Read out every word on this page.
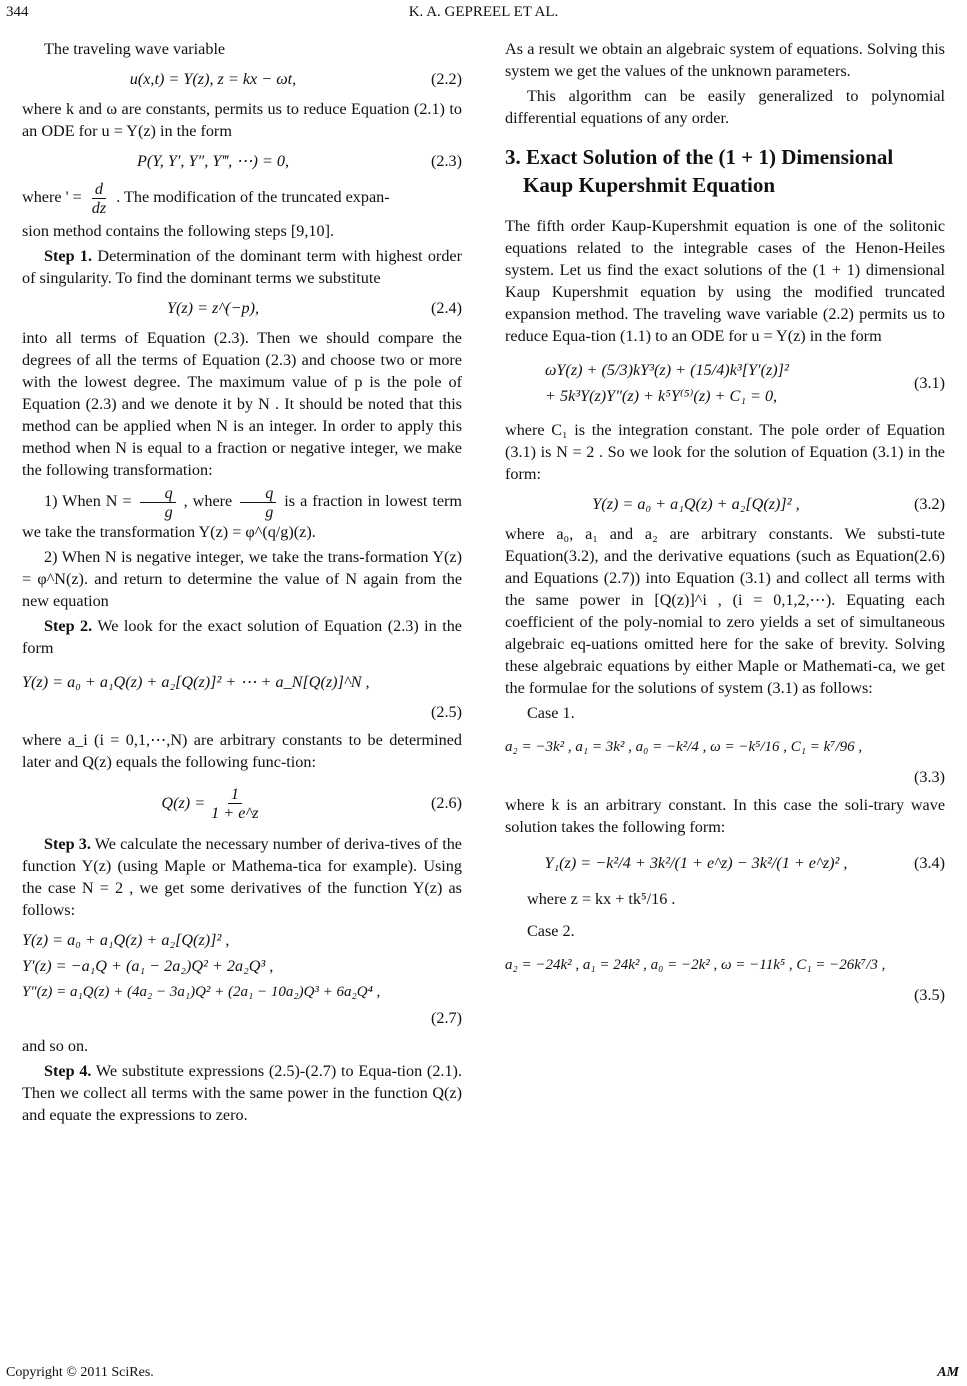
344	K. A. GEPREEL ET AL.

The traveling wave variable

u(x,t) = Y(z), z = kx − ωt,	(2.2)

where k and ω are constants, permits us to reduce Equation (2.1) to an ODE for u = Y(z) in the form

P(Y, Y′, Y″, Y‴, ⋯) = 0,	(2.3)

where ' = $\frac{d}{dz}$ . The modification of the truncated expan-

sion method contains the following steps [9,10].

Step 1. Determination of the dominant term with highest order of singularity. To find the dominant terms we substitute

Y(z) = z^(−p),	(2.4)

into all terms of Equation (2.3). Then we should compare the degrees of all the terms of Equation (2.3) and choose two or more with the lowest degree. The maximum value of p is the pole of Equation (2.3) and we denote it by N . It should be noted that this method can be applied when N is an integer. In order to apply this method when N is equal to a fraction or negative integer, we make the following transformation:

1) When $N = \frac{q}{g}$ , where $\frac{q}{g}$ is a fraction in lowest term we take the transformation Y(z) = φ^(q/g)(z).

2) When N is negative integer, we take the trans-formation Y(z) = φ^N(z). and return to determine the value of N again from the new equation

Step 2. We look for the exact solution of Equation (2.3) in the form

Y(z) = a₀ + a₁Q(z) + a₂[Q(z)]² + ⋯ + a_N[Q(z)]^N ,
(2.5)

where a_i (i = 0,1,⋯,N) are arbitrary constants to be determined later and Q(z) equals the following func-tion:

$Q(z) = \frac{1}{1 + e\^{}z}$	(2.6)

Step 3. We calculate the necessary number of deriva-tives of the function Y(z) (using Maple or Mathema-tica for example). Using the case N = 2 , we get some derivatives of the function Y(z) as follows:

Y(z) = a₀ + a₁Q(z) + a₂[Q(z)]² ,
Y′(z) = −a₁Q + (a₁ − 2a₂)Q² + 2a₂Q³ ,
Y″(z) = a₁Q(z) + (4a₂ − 3a₁)Q² + (2a₁ − 10a₂)Q³ + 6a₂Q⁴ ,
(2.7)

and so on.

Step 4. We substitute expressions (2.5)-(2.7) to Equa-tion (2.1). Then we collect all terms with the same power in the function Q(z) and equate the expressions to zero.

As a result we obtain an algebraic system of equations. Solving this system we get the values of the unknown parameters.

This algorithm can be easily generalized to polynomial differential equations of any order.

3. Exact Solution of the (1 + 1) Dimensional Kaup Kupershmit Equation

The fifth order Kaup-Kupershmit equation is one of the solitonic equations related to the integrable cases of the Henon-Heiles system. Let us find the exact solutions of the (1 + 1) dimensional Kaup Kupershmit equation by using the modified truncated expansion method. The traveling wave variable (2.2) permits us to reduce Equa-tion (1.1) to an ODE for u = Y(z) in the form

ωY(z) + (5/3)kY³(z) + (15/4)k³[Y′(z)]²
+ 5k³Y(z)Y″(z) + k⁵Y⁽⁵⁾(z) + C₁ = 0,
(3.1)

where C₁ is the integration constant. The pole order of Equation (3.1) is N = 2 . So we look for the solution of Equation (3.1) in the form:

Y(z) = a₀ + a₁Q(z) + a₂[Q(z)]² ,	(3.2)

where a₀, a₁ and a₂ are arbitrary constants. We substi-tute Equation(3.2), and the derivative equations (such as Equation(2.6) and Equations (2.7)) into Equation (3.1) and collect all terms with the same power in [Q(z)]^i , (i = 0,1,2,⋯). Equating each coefficient of the poly-nomial to zero yields a set of simultaneous algebraic eq-uations omitted here for the sake of brevity. Solving these algebraic equations by either Maple or Mathemati-ca, we get the formulae for the solutions of system (3.1) as follows:

Case 1.

a₂ = −3k² , a₁ = 3k² , a₀ = −k²/4 , ω = −k⁵/16 , C₁ = k⁷/96 ,
(3.3)

where k is an arbitrary constant. In this case the soli-trary wave solution takes the following form:

Y₁(z) = −k²/4 + 3k²/(1 + e^z) − 3k²/(1 + e^z)² ,	(3.4)

where z = kx + tk⁵/16 .

Case 2.

a₂ = −24k² , a₁ = 24k² , a₀ = −2k² , ω = −11k⁵ , C₁ = −26k⁷/3 ,
(3.5)
Copyright © 2011 SciRes.	AM
